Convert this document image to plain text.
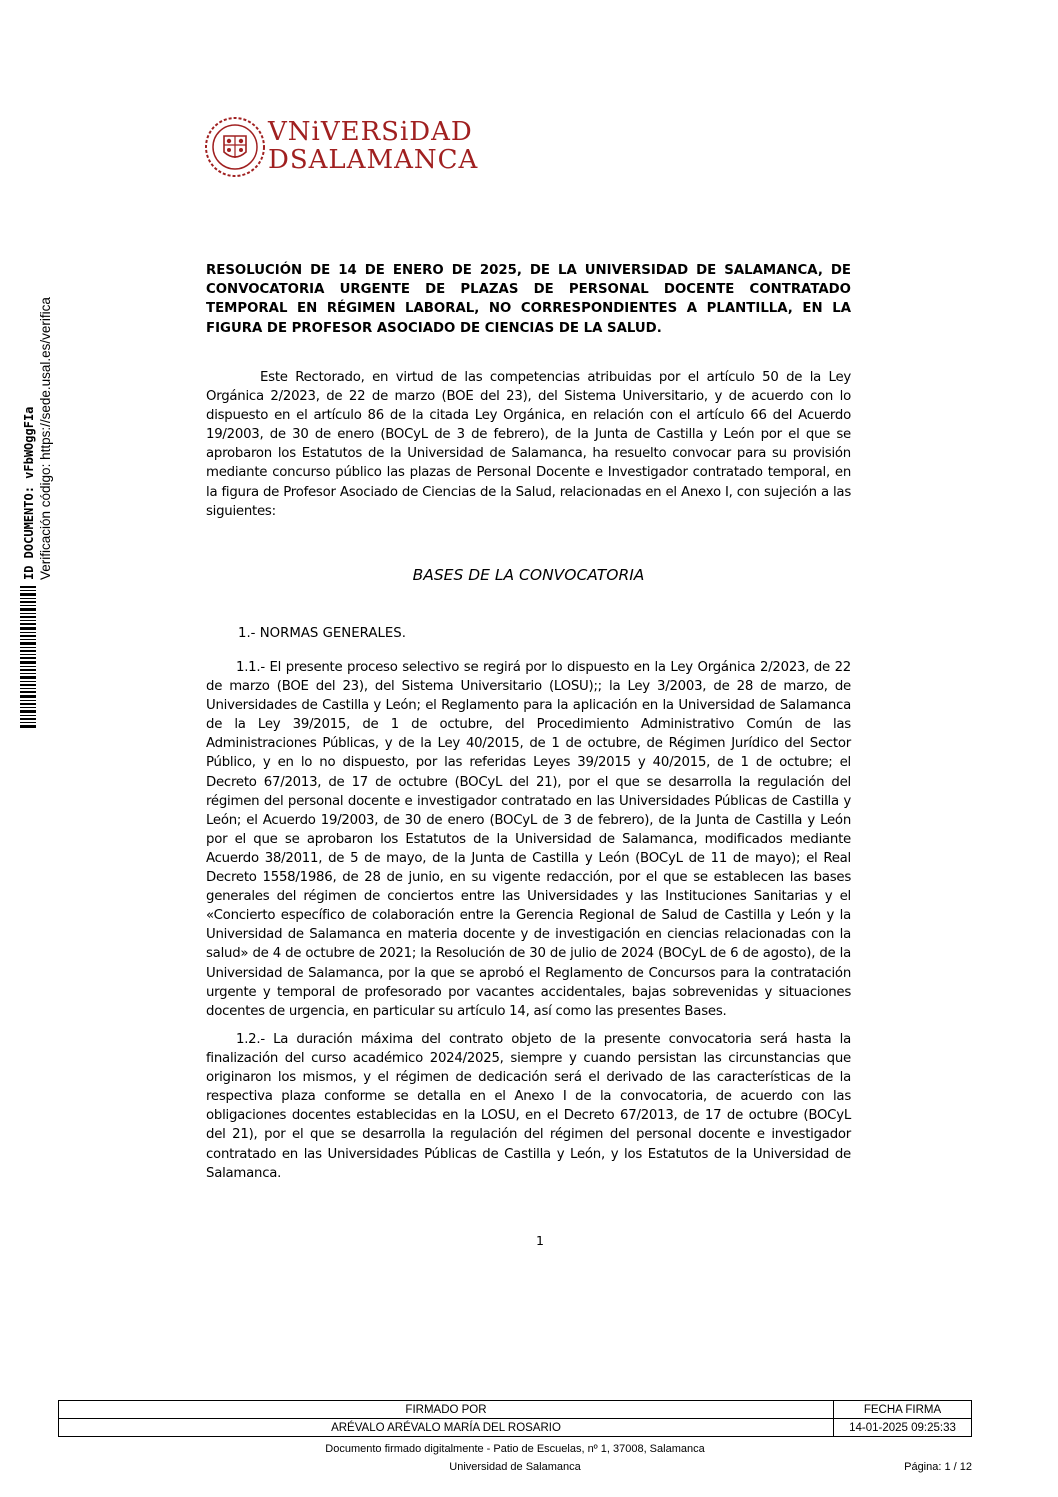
VNiVERSiDAD
DSALAMANCA
ID DOCUMENTO: vFbWOggFIa Verificación código: https://sede.usal.es/verifica
RESOLUCIÓN DE 14 DE ENERO DE 2025, DE LA UNIVERSIDAD DE SALAMANCA, DE CONVOCATORIA URGENTE DE PLAZAS DE PERSONAL DOCENTE CONTRATADO TEMPORAL EN RÉGIMEN LABORAL, NO CORRESPONDIENTES A PLANTILLA, EN LA FIGURA DE PROFESOR ASOCIADO DE CIENCIAS DE LA SALUD.
Este Rectorado, en virtud de las competencias atribuidas por el artículo 50 de la Ley Orgánica 2/2023, de 22 de marzo (BOE del 23), del Sistema Universitario, y de acuerdo con lo dispuesto en el artículo 86 de la citada Ley Orgánica, en relación con el artículo 66 del Acuerdo 19/2003, de 30 de enero (BOCyL de 3 de febrero), de la Junta de Castilla y León por el que se aprobaron los Estatutos de la Universidad de Salamanca, ha resuelto convocar para su provisión mediante concurso público las plazas de Personal Docente e Investigador contratado temporal, en la figura de Profesor Asociado de Ciencias de la Salud, relacionadas en el Anexo I, con sujeción a las siguientes:
BASES DE LA CONVOCATORIA
1.- NORMAS GENERALES.
1.1.- El presente proceso selectivo se regirá por lo dispuesto en la Ley Orgánica 2/2023, de 22 de marzo (BOE del 23), del Sistema Universitario (LOSU);; la Ley 3/2003, de 28 de marzo, de Universidades de Castilla y León; el Reglamento para la aplicación en la Universidad de Salamanca de la Ley 39/2015, de 1 de octubre, del Procedimiento Administrativo Común de las Administraciones Públicas, y de la Ley 40/2015, de 1 de octubre, de Régimen Jurídico del Sector Público, y en lo no dispuesto, por las referidas Leyes 39/2015 y 40/2015, de 1 de octubre; el Decreto 67/2013, de 17 de octubre (BOCyL del 21), por el que se desarrolla la regulación del régimen del personal docente e investigador contratado en las Universidades Públicas de Castilla y León; el Acuerdo 19/2003, de 30 de enero (BOCyL de 3 de febrero), de la Junta de Castilla y León por el que se aprobaron los Estatutos de la Universidad de Salamanca, modificados mediante Acuerdo 38/2011, de 5 de mayo, de la Junta de Castilla y León (BOCyL de 11 de mayo); el Real Decreto 1558/1986, de 28 de junio, en su vigente redacción, por el que se establecen las bases generales del régimen de conciertos entre las Universidades y las Instituciones Sanitarias y el «Concierto específico de colaboración entre la Gerencia Regional de Salud de Castilla y León y la Universidad de Salamanca en materia docente y de investigación en ciencias relacionadas con la salud» de 4 de octubre de 2021; la Resolución de 30 de julio de 2024 (BOCyL de 6 de agosto), de la Universidad de Salamanca, por la que se aprobó el Reglamento de Concursos para la contratación urgente y temporal de profesorado por vacantes accidentales, bajas sobrevenidas y situaciones docentes de urgencia, en particular su artículo 14, así como las presentes Bases.
1.2.- La duración máxima del contrato objeto de la presente convocatoria será hasta la finalización del curso académico 2024/2025, siempre y cuando persistan las circunstancias que originaron los mismos, y el régimen de dedicación será el derivado de las características de la respectiva plaza conforme se detalla en el Anexo I de la convocatoria, de acuerdo con las obligaciones docentes establecidas en la LOSU, en el Decreto 67/2013, de 17 de octubre (BOCyL del 21), por el que se desarrolla la regulación del régimen del personal docente e investigador contratado en las Universidades Públicas de Castilla y León, y los Estatutos de la Universidad de Salamanca.
1
FIRMADO POR	FECHA FIRMA
ARÉVALO ARÉVALO MARÍA DEL ROSARIO	14-01-2025 09:25:33
Documento firmado digitalmente - Patio de Escuelas, nº 1, 37008, Salamanca
Universidad de Salamanca	Página: 1 / 12
